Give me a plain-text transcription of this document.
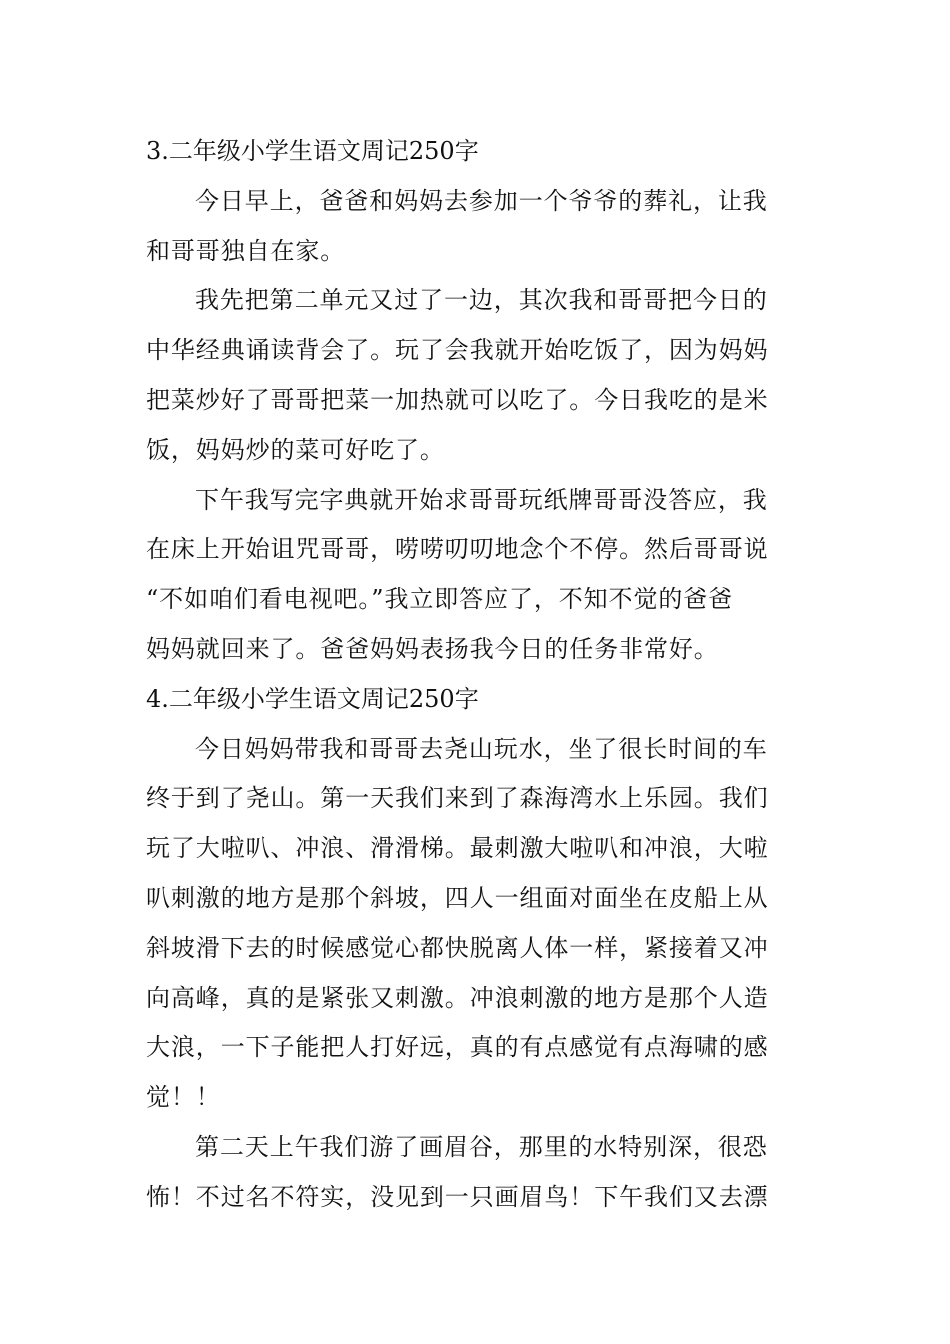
3.二年级小学生语文周记250字
今日早上，爸爸和妈妈去参加一个爷爷的葬礼，让我
和哥哥独自在家。
我先把第二单元又过了一边，其次我和哥哥把今日的
中华经典诵读背会了。玩了会我就开始吃饭了，因为妈妈
把菜炒好了哥哥把菜一加热就可以吃了。今日我吃的是米
饭，妈妈炒的菜可好吃了。
下午我写完字典就开始求哥哥玩纸牌哥哥没答应，我
在床上开始诅咒哥哥，唠唠叨叨地念个不停。然后哥哥说
“不如咱们看电视吧。”我立即答应了，不知不觉的爸爸
妈妈就回来了。爸爸妈妈表扬我今日的任务非常好。
4.二年级小学生语文周记250字
今日妈妈带我和哥哥去尧山玩水，坐了很长时间的车
终于到了尧山。第一天我们来到了森海湾水上乐园。我们
玩了大啦叭、冲浪、滑滑梯。最刺激大啦叭和冲浪，大啦
叭刺激的地方是那个斜坡，四人一组面对面坐在皮船上从
斜坡滑下去的时候感觉心都快脱离人体一样，紧接着又冲
向高峰，真的是紧张又刺激。冲浪刺激的地方是那个人造
大浪，一下子能把人打好远，真的有点感觉有点海啸的感
觉！！
第二天上午我们游了画眉谷，那里的水特别深，很恐
怖！不过名不符实，没见到一只画眉鸟！下午我们又去漂
